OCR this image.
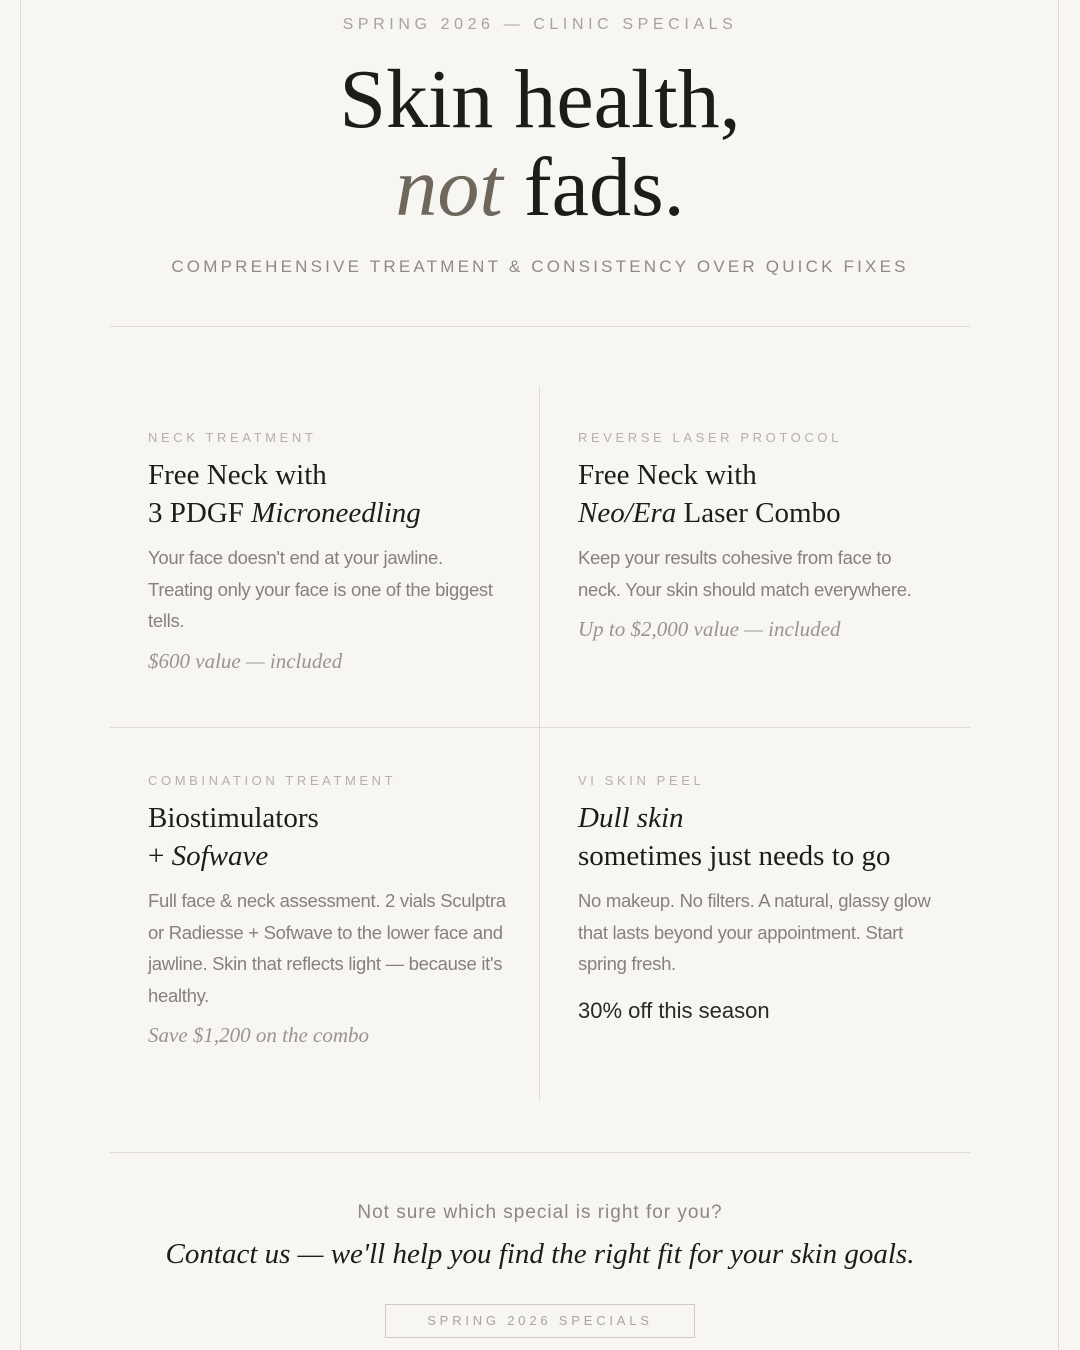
SPRING 2026 — CLINIC SPECIALS
Skin health,
not fads.
COMPREHENSIVE TREATMENT & CONSISTENCY OVER QUICK FIXES
NECK TREATMENT
Free Neck with
3 PDGF Microneedling
Your face doesn't end at your jawline. Treating only your face is one of the biggest tells.
$600 value — included
REVERSE LASER PROTOCOL
Free Neck with
Neo/Era Laser Combo
Keep your results cohesive from face to neck. Your skin should match everywhere.
Up to $2,000 value — included
COMBINATION TREATMENT
Biostimulators
+ Sofwave
Full face & neck assessment. 2 vials Sculptra or Radiesse + Sofwave to the lower face and jawline. Skin that reflects light — because it's healthy.
Save $1,200 on the combo
VI SKIN PEEL
Dull skin
sometimes just needs to go
No makeup. No filters. A natural, glassy glow that lasts beyond your appointment. Start spring fresh.
30% off this season
Not sure which special is right for you?
Contact us — we'll help you find the right fit for your skin goals.
SPRING 2026 SPECIALS
